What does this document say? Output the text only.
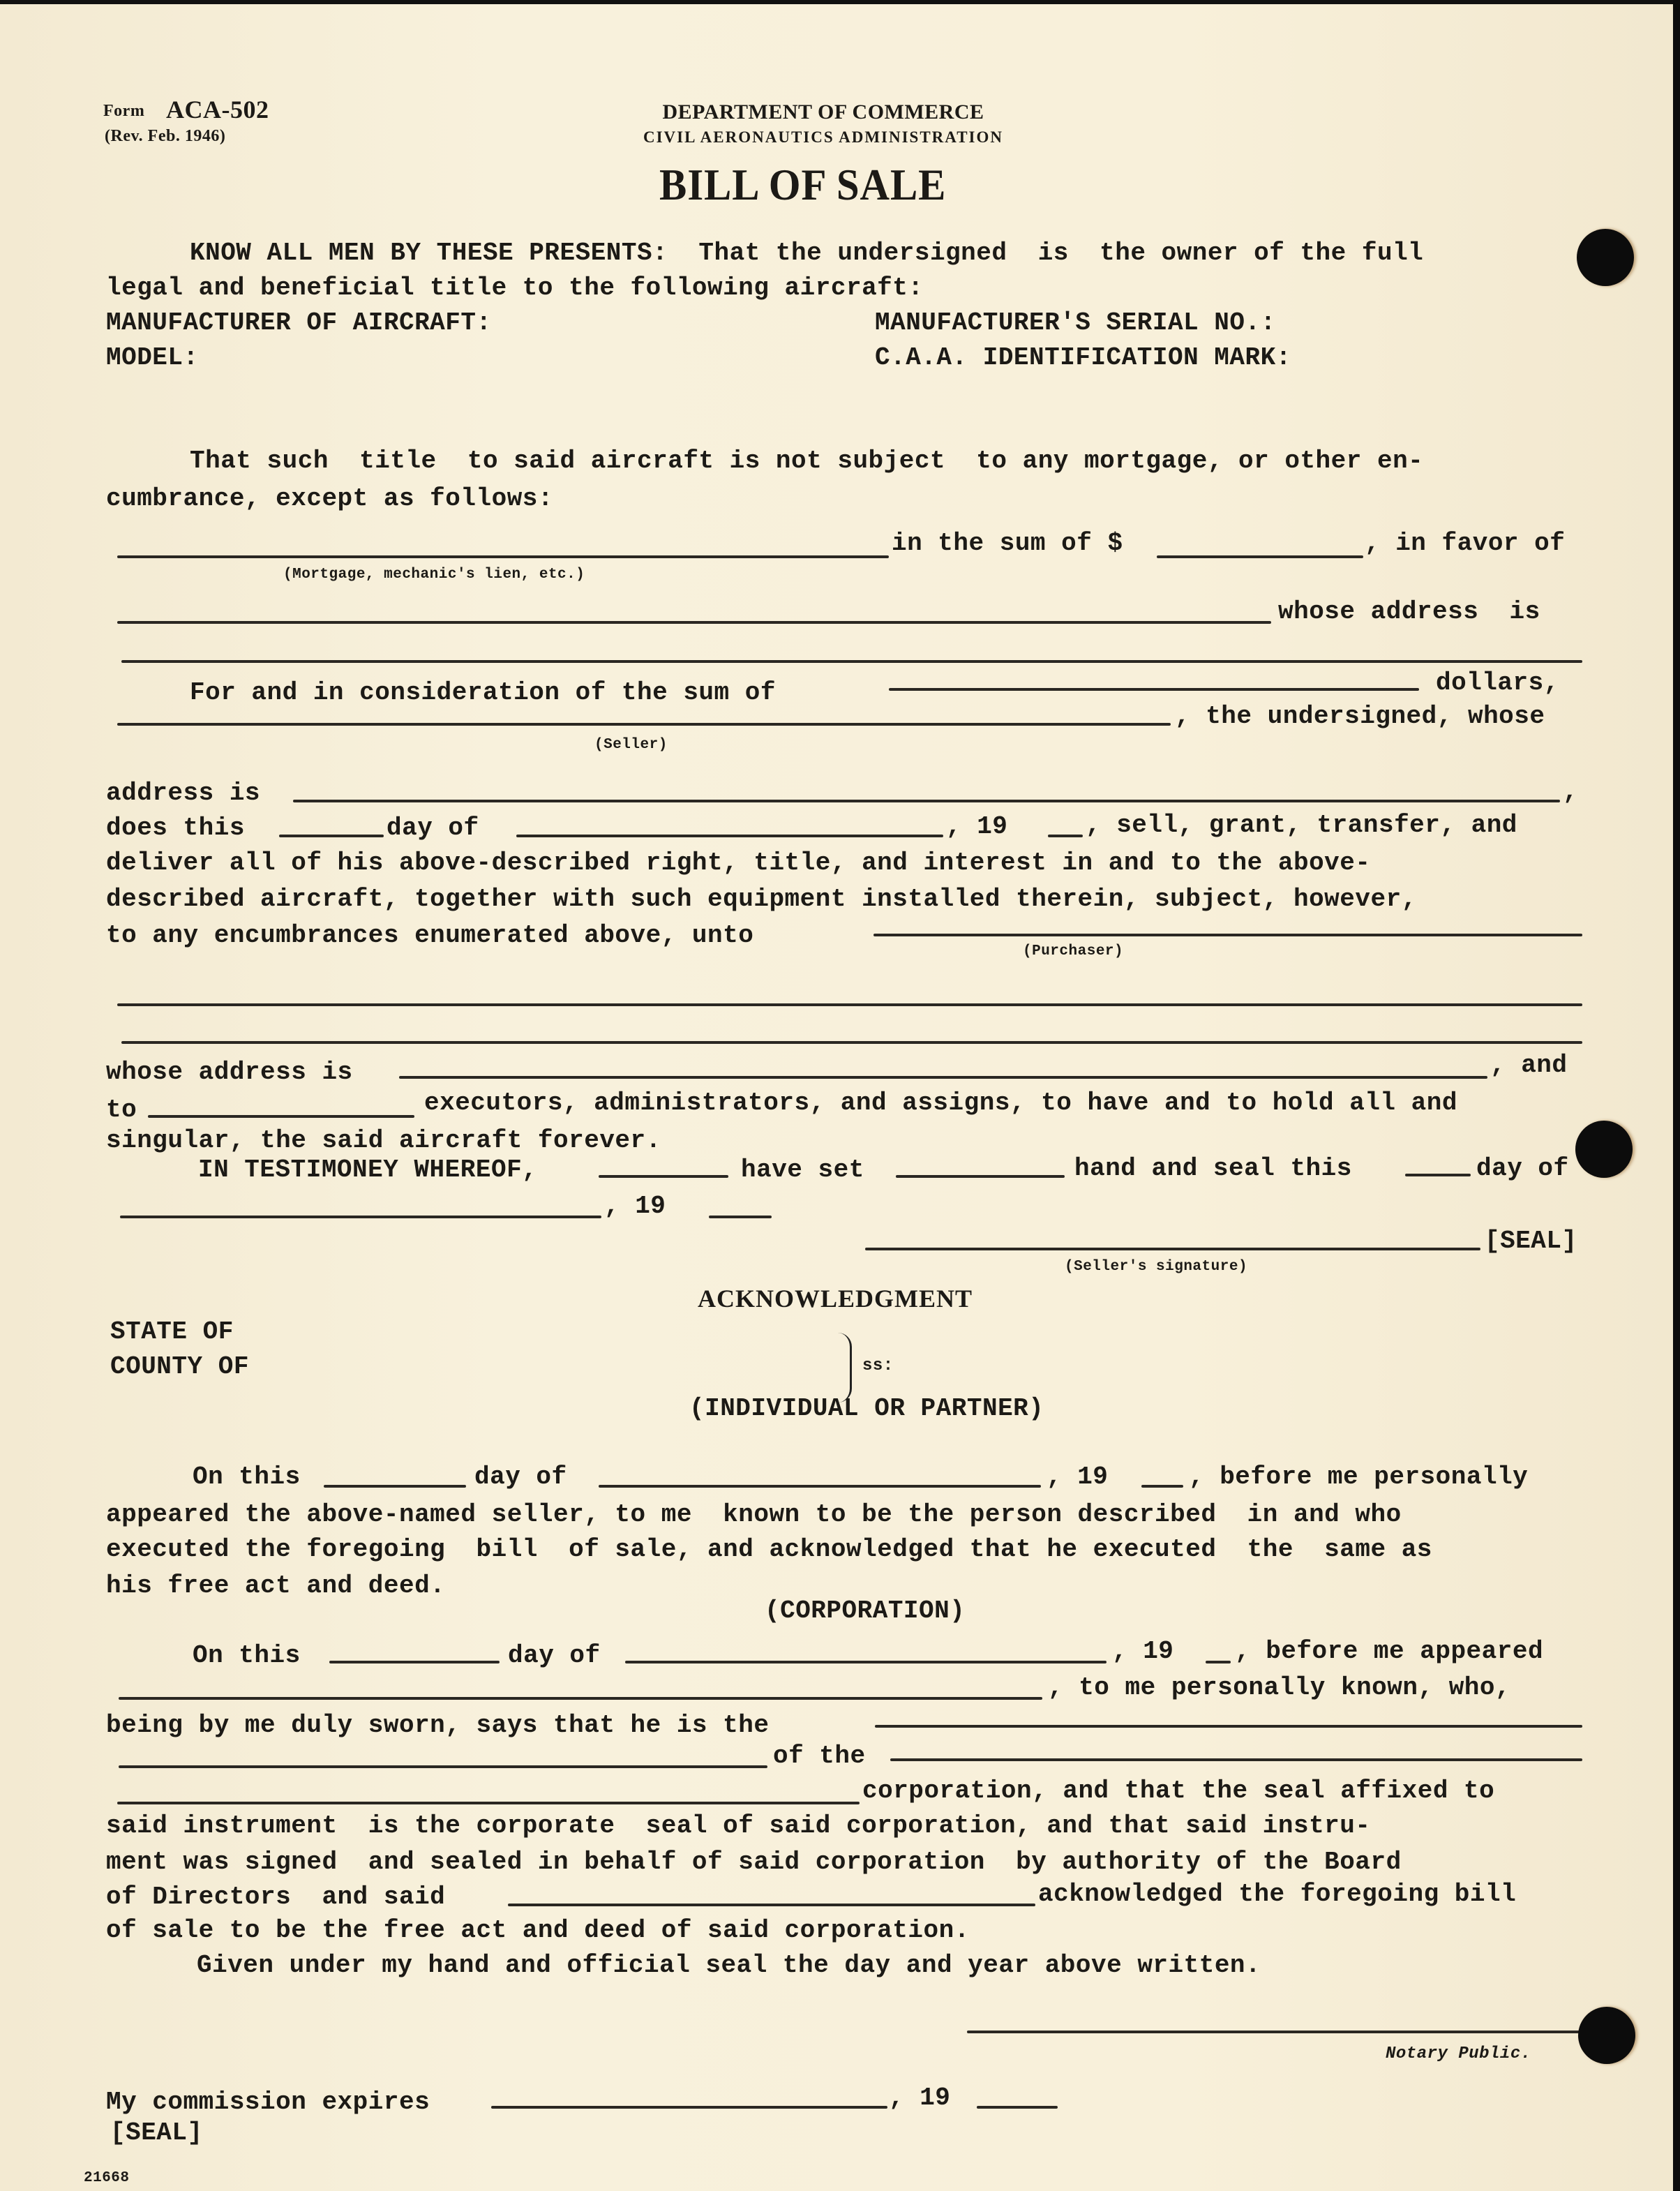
Form ACA-502
(Rev. Feb. 1946)
DEPARTMENT OF COMMERCE
CIVIL AERONAUTICS ADMINISTRATION
BILL OF SALE
KNOW ALL MEN BY THESE PRESENTS:  That the undersigned  is  the owner of the full
legal and beneficial title to the following aircraft:
MANUFACTURER OF AIRCRAFT:	MANUFACTURER'S SERIAL NO.:
MODEL:	C.A.A. IDENTIFICATION MARK:
That such  title  to said aircraft is not subject  to any mortgage, or other en-
cumbrance, except as follows:
in the sum of $	, in favor of
(Mortgage, mechanic's lien, etc.)
whose address  is
For and in consideration of the sum of	dollars,
, the undersigned, whose
(Seller)
address is	,
does this	day of	, 19	, sell, grant, transfer, and
deliver all of his above-described right, title, and interest in and to the above-
described aircraft, together with such equipment installed therein, subject, however,
to any encumbrances enumerated above, unto
(Purchaser)
whose address is	, and
to	executors, administrators, and assigns, to have and to hold all and
singular, the said aircraft forever.
IN TESTIMONEY WHEREOF,	have set	hand and seal this	day of
, 19
[SEAL]
(Seller's signature)
ACKNOWLEDGMENT
STATE OF
COUNTY OF	ss:
(INDIVIDUAL OR PARTNER)
On this	day of	, 19	, before me personally
appeared the above-named seller, to me  known to be the person described  in and who
executed the foregoing  bill  of sale, and acknowledged that he executed  the  same as
his free act and deed.
(CORPORATION)
On this	day of	, 19 , before me appeared
, to me personally known, who,
being by me duly sworn, says that he is the
of the
corporation, and that the seal affixed to
said instrument  is the corporate  seal of said corporation, and that said instru-
ment was signed  and sealed in behalf of said corporation  by authority of the Board
of Directors  and said	acknowledged the foregoing bill
of sale to be the free act and deed of said corporation.
Given under my hand and official seal the day and year above written.
Notary Public.
My commission expires	, 19
[SEAL]
21668
